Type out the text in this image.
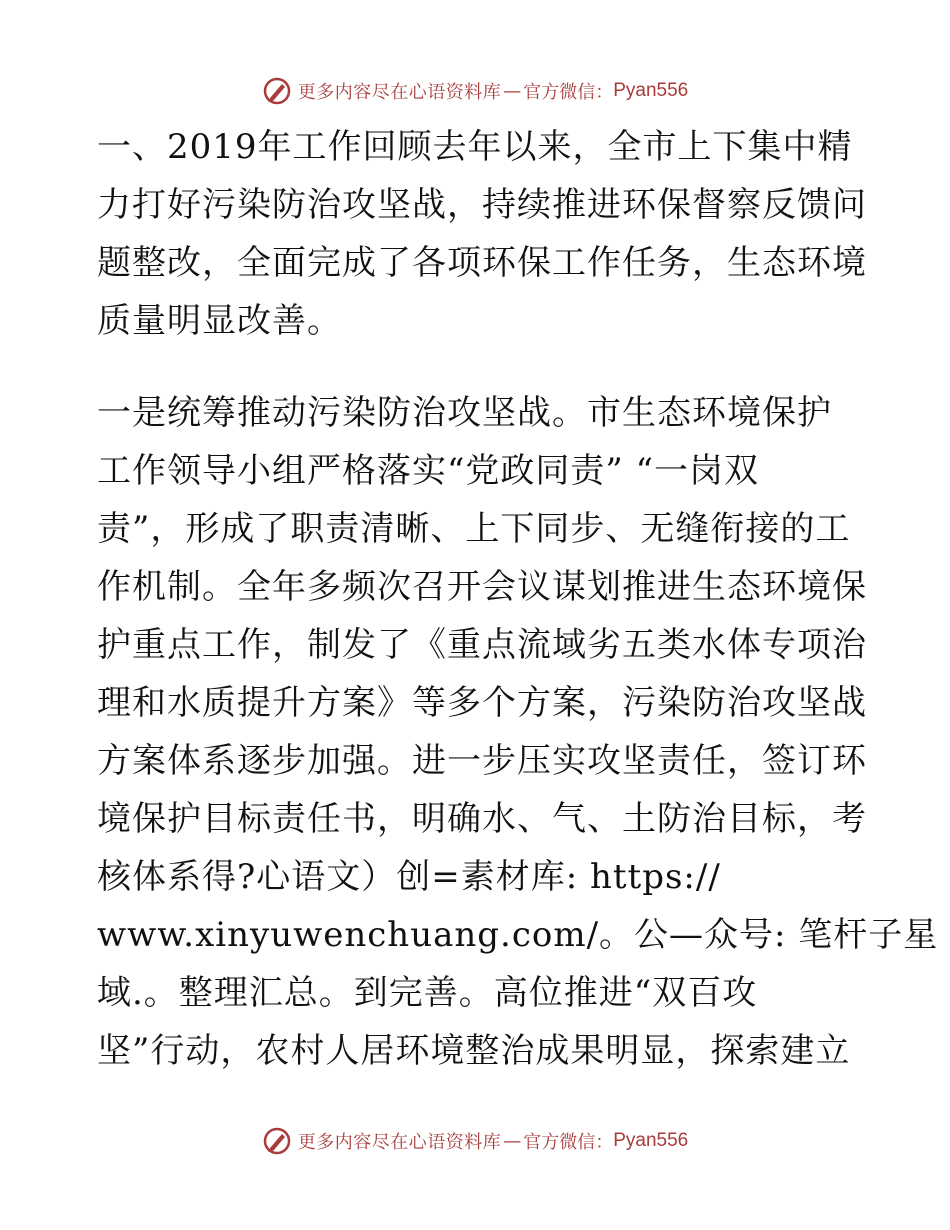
更多内容尽在心语资料库 — 官方微信： Pyan556
一、2019年工作回顾去年以来，全市上下集中精
力打好污染防治攻坚战，持续推进环保督察反馈问
题整改，全面完成了各项环保工作任务，生态环境
质量明显改善。
一是统筹推动污染防治攻坚战。市生态环境保护
工作领导小组严格落实“党政同责” “一岗双
责”，形成了职责清晰、上下同步、无缝衔接的工
作机制。全年多频次召开会议谋划推进生态环境保
护重点工作，制发了《重点流域劣五类水体专项治
理和水质提升方案》等多个方案，污染防治攻坚战
方案体系逐步加强。进一步压实攻坚责任，签订环
境保护目标责任书，明确水、气、土防治目标，考
核体系得?心语文）创=素材库: https://
www.xinyuwenchuang.com/。公—众号: 笔杆子星
域.。整理汇总。到完善。高位推进“双百攻
坚”行动，农村人居环境整治成果明显，探索建立
更多内容尽在心语资料库 — 官方微信： Pyan556
